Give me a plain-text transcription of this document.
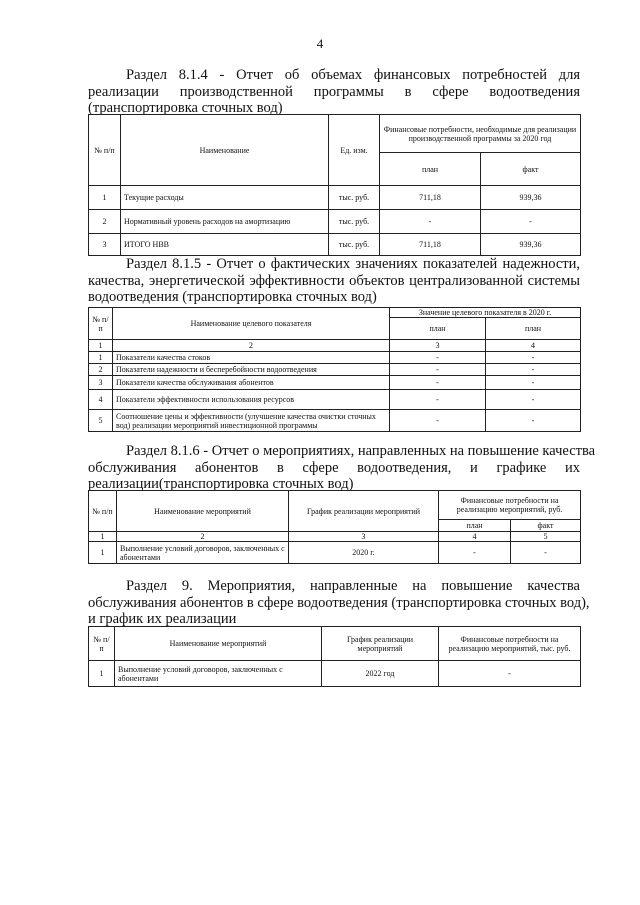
4
Раздел 8.1.4 - Отчет об объемах финансовых потребностей для
реализации производственной программы в сфере водоотведения
(транспортировка сточных вод)
№ п/п	Наименование	Ед. изм.	Финансовые потребности, необходимые для реализации производственной программы за 2020 год	
			план	факт
1	Текущие расходы	тыс. руб.	711,18	939,36
2	Нормативный уровень расходов на амортизацию	тыс. руб.	-	-
3	ИТОГО НВВ	тыс. руб.	711,18	939,36
Раздел 8.1.5 - Отчет о фактических значениях показателей надежности,
качества, энергетической эффективности объектов централизованной системы
водоотведения (транспортировка сточных вод)
№ п/п	Наименование целевого показателя	Значение целевого показателя в 2020 г.	
		план	план
1	2	3	4
1	Показатели качества стоков	-	-
2	Показатели надежности и бесперебойности водоотведения	-	-
3	Показатели качества обслуживания абонентов	-	-
4	Показатели эффективности использования ресурсов	-	-
5	Соотношение цены и эффективности (улучшение качества очистки сточных вод) реализации мероприятий инвестиционной программы	-	-
Раздел 8.1.6 - Отчет о мероприятиях, направленных на повышение качества
обслуживания абонентов в сфере водоотведения, и графике их
реализации(транспортировка сточных вод)
№ п/п	Наименование мероприятий	График реализации мероприятий	Финансовые потребности на реализацию мероприятий, руб.	
			план	факт
1	2	3	4	5
1	Выполнение условий договоров, заключенных с абонентами	2020 г.	-	-
Раздел 9. Мероприятия, направленные на повышение качества
обслуживания абонентов в сфере водоотведения (транспортировка сточных вод),
и график их реализации
№ п/п	Наименование мероприятий	График реализации мероприятий	Финансовые потребности на реализацию мероприятий, тыс. руб.
1	Выполнение условий договоров, заключенных с абонентами	2022 год	-
